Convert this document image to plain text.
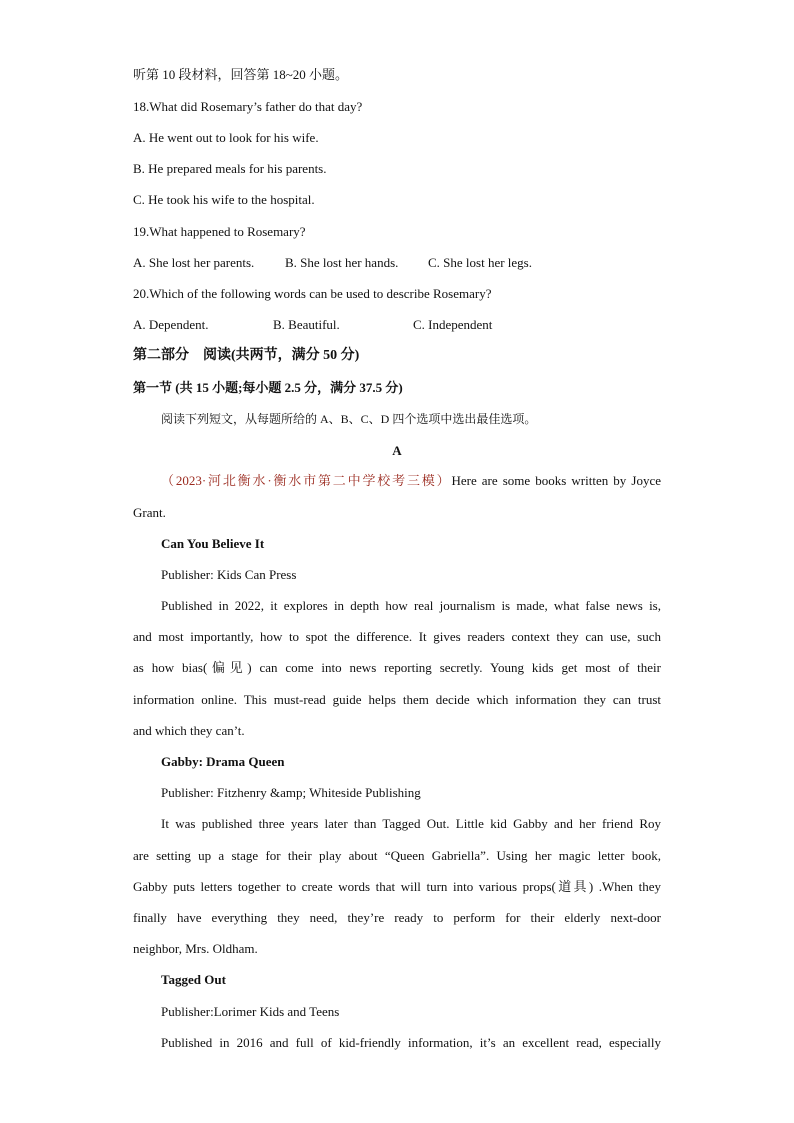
听第 10 段材料，回答第 18~20 小题。
18.What did Rosemary’s father do that day?
A. He went out to look for his wife.
B. He prepared meals for his parents.
C. He took his wife to the hospital.
19.What happened to Rosemary?
A. She lost her parents. B. She lost her hands. C. She lost her legs.
20.Which of the following words can be used to describe Rosemary?
A. Dependent.	B. Beautiful.	C. Independent
第二部分　阅读(共两节，满分 50 分)
第一节 (共 15 小题;每小题 2.5 分，满分 37.5 分)
阅读下列短文，从每题所给的 A、B、C、D 四个选项中选出最佳选项。
A
（2023·河北衡水·衡水市第二中学校考三模）Here are some books written by Joyce
Grant.
Can You Believe It
Publisher: Kids Can Press
Published in 2022, it explores in depth how real journalism is made, what false news is,
and most importantly, how to spot the difference. It gives readers context they can use, such
as how bias(偏见) can come into news reporting secretly. Young kids get most of their
information online. This must-read guide helps them decide which information they can trust
and which they can’t.
Gabby: Drama Queen
Publisher: Fitzhenry &amp; Whiteside Publishing
It was published three years later than Tagged Out. Little kid Gabby and her friend Roy
are setting up a stage for their play about “Queen Gabriella”. Using her magic letter book,
Gabby puts letters together to create words that will turn into various props(道具) .When they
finally have everything they need, they’re ready to perform for their elderly next-door
neighbor, Mrs. Oldham.
Tagged Out
Publisher:Lorimer Kids and Teens
Published in 2016 and full of kid-friendly information, it’s an excellent read, especially
